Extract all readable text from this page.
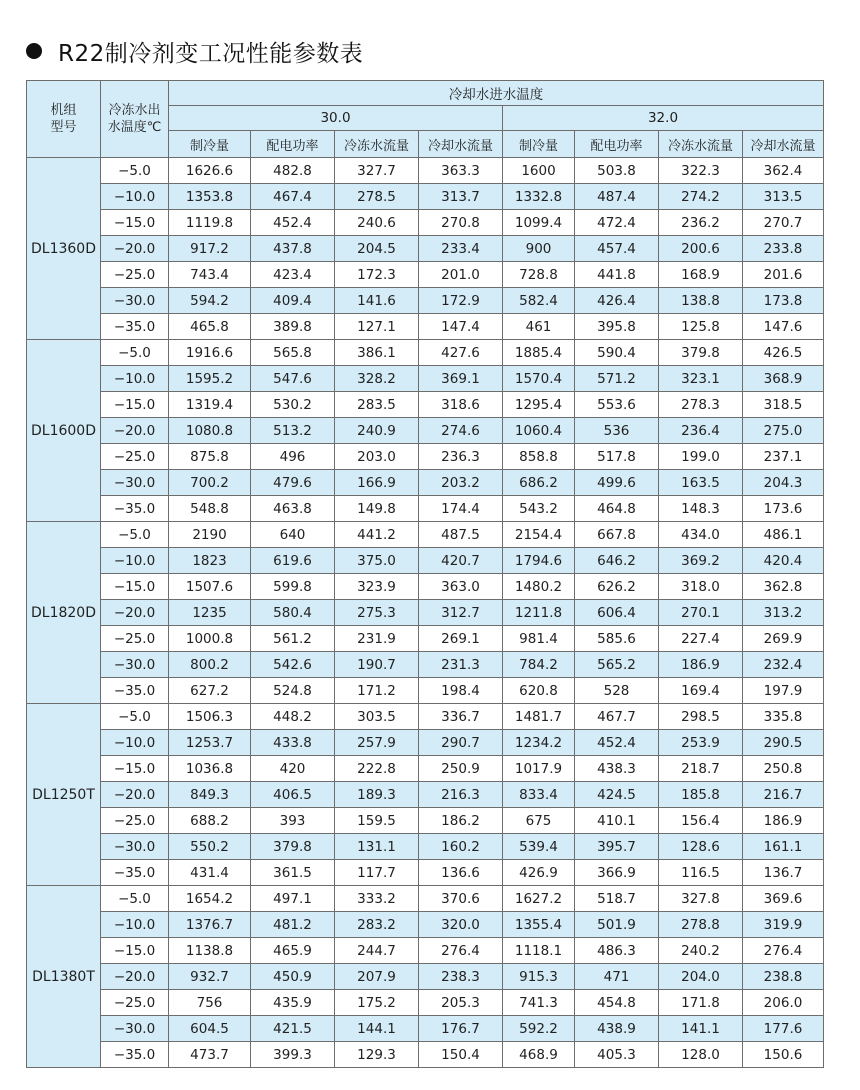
R22制冷剂变工况性能参数表
机组
型号	冷冻水出
水温度℃	冷却水进水温度							
		30.0				32.0			
		制冷量	配电功率	冷冻水流量	冷却水流量	制冷量	配电功率	冷冻水流量	冷却水流量
DL1360D	−5.0	1626.6	482.8	327.7	363.3	1600	503.8	322.3	362.4
	−10.0	1353.8	467.4	278.5	313.7	1332.8	487.4	274.2	313.5
	−15.0	1119.8	452.4	240.6	270.8	1099.4	472.4	236.2	270.7
	−20.0	917.2	437.8	204.5	233.4	900	457.4	200.6	233.8
	−25.0	743.4	423.4	172.3	201.0	728.8	441.8	168.9	201.6
	−30.0	594.2	409.4	141.6	172.9	582.4	426.4	138.8	173.8
	−35.0	465.8	389.8	127.1	147.4	461	395.8	125.8	147.6
DL1600D	−5.0	1916.6	565.8	386.1	427.6	1885.4	590.4	379.8	426.5
	−10.0	1595.2	547.6	328.2	369.1	1570.4	571.2	323.1	368.9
	−15.0	1319.4	530.2	283.5	318.6	1295.4	553.6	278.3	318.5
	−20.0	1080.8	513.2	240.9	274.6	1060.4	536	236.4	275.0
	−25.0	875.8	496	203.0	236.3	858.8	517.8	199.0	237.1
	−30.0	700.2	479.6	166.9	203.2	686.2	499.6	163.5	204.3
	−35.0	548.8	463.8	149.8	174.4	543.2	464.8	148.3	173.6
DL1820D	−5.0	2190	640	441.2	487.5	2154.4	667.8	434.0	486.1
	−10.0	1823	619.6	375.0	420.7	1794.6	646.2	369.2	420.4
	−15.0	1507.6	599.8	323.9	363.0	1480.2	626.2	318.0	362.8
	−20.0	1235	580.4	275.3	312.7	1211.8	606.4	270.1	313.2
	−25.0	1000.8	561.2	231.9	269.1	981.4	585.6	227.4	269.9
	−30.0	800.2	542.6	190.7	231.3	784.2	565.2	186.9	232.4
	−35.0	627.2	524.8	171.2	198.4	620.8	528	169.4	197.9
DL1250T	−5.0	1506.3	448.2	303.5	336.7	1481.7	467.7	298.5	335.8
	−10.0	1253.7	433.8	257.9	290.7	1234.2	452.4	253.9	290.5
	−15.0	1036.8	420	222.8	250.9	1017.9	438.3	218.7	250.8
	−20.0	849.3	406.5	189.3	216.3	833.4	424.5	185.8	216.7
	−25.0	688.2	393	159.5	186.2	675	410.1	156.4	186.9
	−30.0	550.2	379.8	131.1	160.2	539.4	395.7	128.6	161.1
	−35.0	431.4	361.5	117.7	136.6	426.9	366.9	116.5	136.7
DL1380T	−5.0	1654.2	497.1	333.2	370.6	1627.2	518.7	327.8	369.6
	−10.0	1376.7	481.2	283.2	320.0	1355.4	501.9	278.8	319.9
	−15.0	1138.8	465.9	244.7	276.4	1118.1	486.3	240.2	276.4
	−20.0	932.7	450.9	207.9	238.3	915.3	471	204.0	238.8
	−25.0	756	435.9	175.2	205.3	741.3	454.8	171.8	206.0
	−30.0	604.5	421.5	144.1	176.7	592.2	438.9	141.1	177.6
	−35.0	473.7	399.3	129.3	150.4	468.9	405.3	128.0	150.6
